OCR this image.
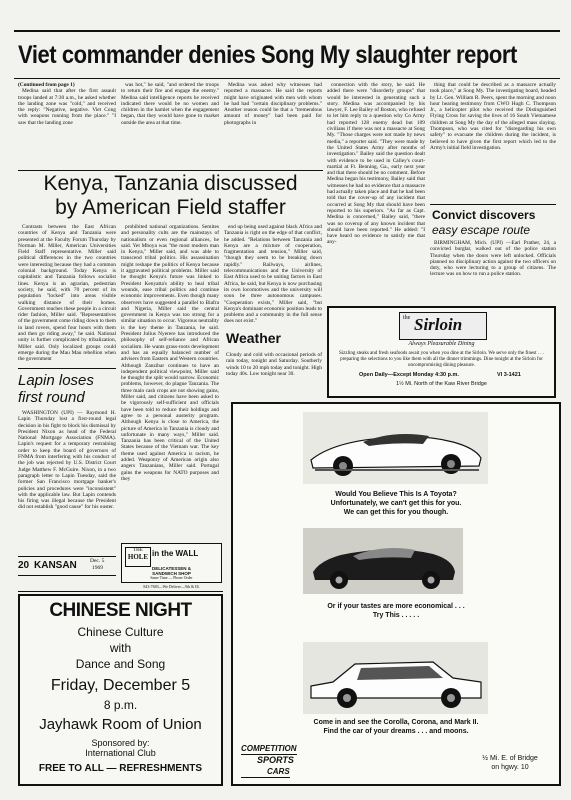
Viet commander denies Song My slaughter report

(Continued from page 1)

Medina said that after the first assault troops landed at 7:30 a.m., he asked whether the landing zone was "cold," and received the reply: "Negative, negative. Viet Cong with weapons running from the place." "I saw that the landing zone

was hot," he said, "and ordered the troops to return their fire and engage the enemy." Medina said intelligence reports he received indicated there would be no women and children in the hamlet when the engagement began, that they would have gone to market outside the area at that time.

Medina was asked why witnesses had reported a massacre. He said the reports might have originated with men with whom he had had "certain disciplinary problems." Another reason could be that a "tremendous amount of money" had been paid for photographs in

connection with the story, he said. He added there were "disorderly groups" that would be interested in generating such a story. Medina was accompanied by his lawyer, F. Lee Bailey of Boston, who refused to let him reply to a question why Co Army had reported 128 enemy dead but 109 civilians if there was not a massacre at Song My. "Those charges were not made by news media," a reporter said. "They were made by the United States Army after months of investigation." Bailey said the question dealt with evidence to be used in Calley's court-martial at Ft. Benning, Ga., early next year and that there should be no comment. Before Medina began his testimony, Bailey said that witnesses he had no evidence that a massacre had actually taken place and that he had been told that the cover-up of any incident that occurred at Song My that should have been reported to his superiors. "As far as Capt. Medina is concerned," Bailey said, "there was no coverup of any known incident that should have been reported." He added: "I have heard no evidence to satisfy me that any-

thing that could be described as a massacre actually took place," at Song My. The investigating board, headed by Lt. Gen. William R. Peers, spent the morning and noon hour hearing testimony from CWO Hugh C. Thompson Jr., a helicopter pilot who received the Distinguished Flying Cross for saving the lives of 16 South Vietnamese children at Song My the day of the alleged mass slaying. Thompson, who was cited for "disregarding his own safety" to evacuate the children during the incident, is believed to have given the first report which led to the Army's initial field investigation.

Kenya, Tanzania discussed
by American Field staffer

Contrasts between the East African countries of Kenya and Tanzania were presented at the Faculty Forum Thursday by Norman M. Miller, American Universities Field Staff representative. Miller said political differences in the two countries were interesting because they had a common colonial background. Today Kenya is capitalistic and Tanzania follows socialist lines. Kenya is an agrarian, pedestrian society, he said, with 70 percent of its population "locked" into areas visible walking distance of their homes. Government reaches these people in a circuit rider fashion, Miller said. "Representatives of the government come riding down to them in land rovers, spend four hours with them and then go riding away," he said. National unity is further complicated by tribalization, Miller said. Only localized groups could emerge during the Mau Mau rebellion when the government

prohibited national organizations. Semites and personality cults are the mainstays of nationalism or even regional alliances, he said. Yet Mboya was "the most modern man in Kenya," Miller said, and was able to transcend tribal politics. His assassination might reshape the politics of Kenya because it aggravated political problems. Miller said he thought Kenya's future was linked to President Kenyatta's ability to heal tribal wounds, ease tribal politics and continue economic improvements. Even though many observers have suggested a parallel to Biafra and Nigeria, Miller said the central government in Kenya was too strong for a similar situation to occur. Vigorous neutrality is the key theme in Tanzania, he said. President Julius Nyerere has introduced the philosophy of self-reliance and African socialism. He wants grass-roots development and has an equally balanced number of advisers from Eastern and Western countries. Although Zanzibar continues to have an independent political viewpoint, Miller said he thought the split would narrow. Economic problems, however, do plague Tanzania. The three main cash crops are not showing gains, Miller said, and citizens have been asked to be vigorously self-sufficient and officials have been told to reduce their holdings and agree to a personal austerity program. Although Kenya is close to America, the picture of America in Tanzania is cloudy and unfortunate in many ways," Miller said. Tanzania has been critical of the United States because of the Vietnam war. The key theme used against America is racism, he added. Weaponry of American origin also angers Tanzanians, Miller said. Portugal gains the weapons for NATO purposes and they

end up being used against black Africa and Tanzania is right on the edge of that conflict, he added. "Relations between Tanzania and Kenya are a mixture of cooperation, fragmentation and tension," Miller said, "though they seem to be breaking down rapidly." Railways, airlines, telecommunications and the University of East Africa used to be uniting factors in East Africa, he said, but Kenya is now purchasing its own locomotives and the university will soon be three autonomous campuses. "Cooperation exists," Miller said, "but Kenya's dominant economic position leads to problems and a community in the full sense does not exist."

Weather

Cloudy and cold with occasional periods of rain today, tonight and Saturday. Southerly winds 10 to 20 mph today and tonight. High today 40s. Low tonight near 30.

Convict discovers
easy escape route

BIRMINGHAM, Mich. (UPI) —Earl Prather, 24, a convicted burglar, walked out of the police station Thursday when the doors were left unlocked. Officials planned no disciplinary action against the two officers on duty, who were lecturing to a group of citizens. The lecture was on how to run a police station.

the Sirloin
Always Pleasurable Dining
Sizzling steaks and fresh seafoods await you when you dine at the Sirloin. We serve only the finest . . . preparing the selections to you like them with all the dinner trimmings. Dine tonight at the Sirloin for uncompromising dining pleasure.
Open Daily—Except Monday 4:30 p.m.	VI 3-1421
1½ Mi. North of the Kaw River Bridge
Lapin loses
first round

WASHINGTON (UPI) — Raymond H. Lapin Thursday lost a first-round legal decision in his fight to block his dismissal by President Nixon as head of the Federal National Mortgage Association (FNMA). Lapin's request for a temporary restraining order to keep the board of governors of FNMA from interfering with his conduct of the job was rejected by U.S. District Court Judge Matthew F. McGuire. Nixon, in a two paragraph letter to Lapin Tuesday, said the former San Francisco mortgage banker's policies and procedures were "inconsistent" with the applicable law. But Lapin contends his firing was illegal because the President did not establish "good cause" for his ouster.

20 KANSAN Dec. 5
1969
THE
HOLE in the WALL
DELICATESSEN &
SANDWICH SHOP
Same Time — Phone Order
843-7683—We Deliver—9th & Ill.
CHINESE NIGHT
Chinese Culture
with
Dance and Song
Friday, December 5
8 p.m.
Jayhawk Room of Union
Sponsored by:
International Club
FREE TO ALL — REFRESHMENTS
Would You Believe This Is A Toyota?
Unfortunately, we can't get this for you.
We can get this for you though.
Or if your tastes are more economical . . .
Try This . . . . .
Come in and see the Corolla, Corona, and Mark II.
Find the car of your dreams . . . and moons.
COMPETITION
SPORTS
CARS
½ Mi. E. of Bridge
on hgwy. 10
